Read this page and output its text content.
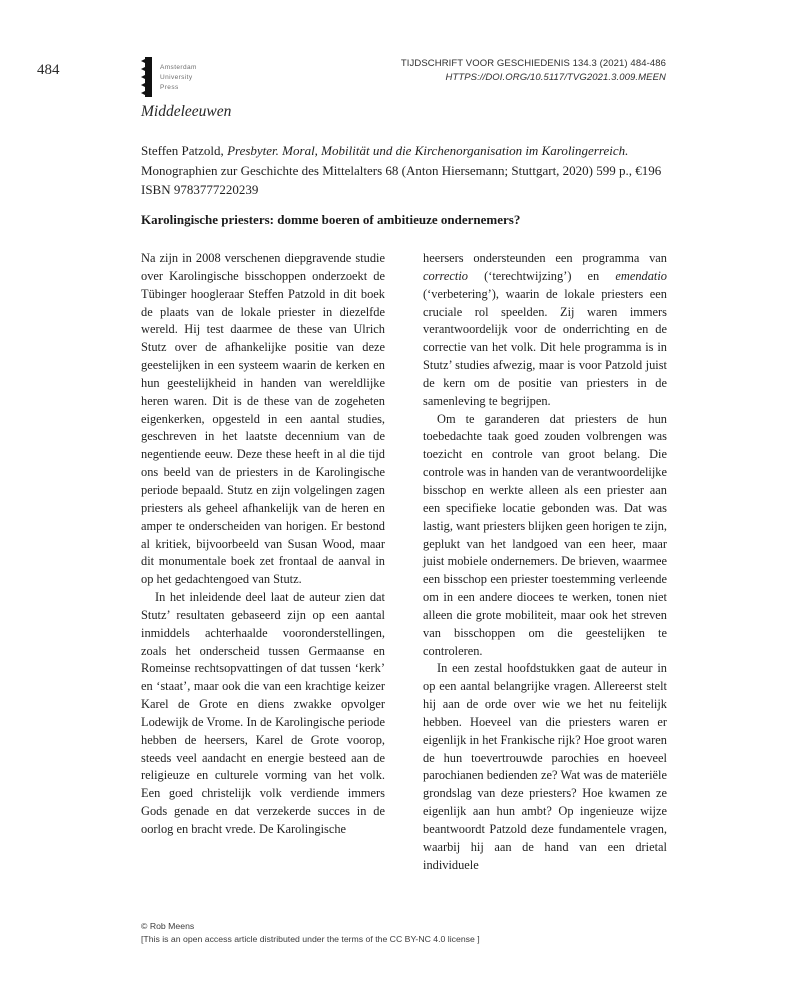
484	Amsterdam
University
Press
TIJDSCHRIFT VOOR GESCHIEDENIS 134.3 (2021) 484-486
HTTPS://DOI.ORG/10.5117/TVG2021.3.009.MEEN
Middeleeuwen
Steffen Patzold, Presbyter. Moral, Mobilität und die Kirchenorganisation im Karolingerreich. Monographien zur Geschichte des Mittelalters 68 (Anton Hiersemann; Stuttgart, 2020) 599 p., €196 ISBN 9783777220239
Karolingische priesters: domme boeren of ambitieuze ondernemers?

Na zijn in 2008 verschenen diepgravende studie over Karolingische bisschoppen onderzoekt de Tübinger hoogleraar Steffen Patzold in dit boek de plaats van de lokale priester in diezelfde wereld. Hij test daarmee de these van Ulrich Stutz over de afhankelijke positie van deze geestelijken in een systeem waarin de kerken en hun geestelijkheid in handen van wereldlijke heren waren. Dit is de these van de zogeheten eigenkerken, opgesteld in een aantal studies, geschreven in het laatste decennium van de negentiende eeuw. Deze these heeft in al die tijd ons beeld van de priesters in de Karolingische periode bepaald. Stutz en zijn volgelingen zagen priesters als geheel afhankelijk van de heren en amper te onderscheiden van horigen. Er bestond al kritiek, bijvoorbeeld van Susan Wood, maar dit monumentale boek zet frontaal de aanval in op het gedachtengoed van Stutz.

In het inleidende deel laat de auteur zien dat Stutz’ resultaten gebaseerd zijn op een aantal inmiddels achterhaalde vooronderstellingen, zoals het onderscheid tussen Germaanse en Romeinse rechtsopvattingen of dat tussen ‘kerk’ en ‘staat’, maar ook die van een krachtige keizer Karel de Grote en diens zwakke opvolger Lodewijk de Vrome. In de Karolingische periode hebben de heersers, Karel de Grote voorop, steeds veel aandacht en energie besteed aan de religieuze en culturele vorming van het volk. Een goed christelijk volk verdiende immers Gods genade en dat verzekerde succes in de oorlog en bracht vrede. De Karolingische

heersers ondersteunden een programma van correctio (‘terechtwijzing’) en emendatio (‘verbetering’), waarin de lokale priesters een cruciale rol speelden. Zij waren immers verantwoordelijk voor de onderrichting en de correctie van het volk. Dit hele programma is in Stutz’ studies afwezig, maar is voor Patzold juist de kern om de positie van priesters in de samenleving te begrijpen.

Om te garanderen dat priesters de hun toebedachte taak goed zouden volbrengen was toezicht en controle van groot belang. Die controle was in handen van de verantwoordelijke bisschop en werkte alleen als een priester aan een specifieke locatie gebonden was. Dat was lastig, want priesters blijken geen horigen te zijn, geplukt van het landgoed van een heer, maar juist mobiele ondernemers. De brieven, waarmee een bisschop een priester toestemming verleende om in een andere diocees te werken, tonen niet alleen die grote mobiliteit, maar ook het streven van bisschoppen om die geestelijken te controleren.

In een zestal hoofdstukken gaat de auteur in op een aantal belangrijke vragen. Allereerst stelt hij aan de orde over wie we het nu feitelijk hebben. Hoeveel van die priesters waren er eigenlijk in het Frankische rijk? Hoe groot waren de hun toevertrouwde parochies en hoeveel parochianen bedienden ze? Wat was de materiële grondslag van deze priesters? Hoe kwamen ze eigenlijk aan hun ambt? Op ingenieuze wijze beantwoordt Patzold deze fundamentele vragen, waarbij hij aan de hand van een drietal individuele

© Rob Meens
[This is an open access article distributed under the terms of the CC BY-NC 4.0 license ]
